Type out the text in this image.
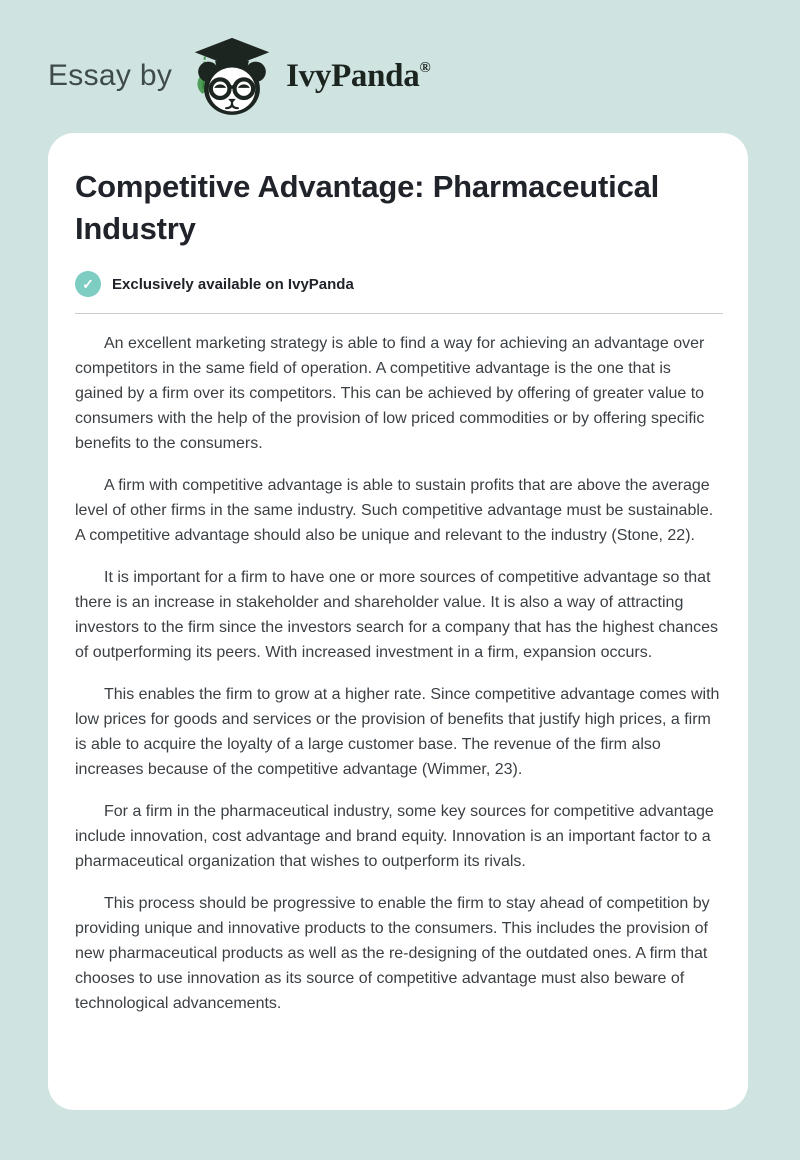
Essay by	IvyPanda®
Competitive Advantage: Pharmaceutical Industry
✓	Exclusively available on IvyPanda

An excellent marketing strategy is able to find a way for achieving an advantage over competitors in the same field of operation. A competitive advantage is the one that is gained by a firm over its competitors. This can be achieved by offering of greater value to consumers with the help of the provision of low priced commodities or by offering specific benefits to the consumers.

A firm with competitive advantage is able to sustain profits that are above the average level of other firms in the same industry. Such competitive advantage must be sustainable. A competitive advantage should also be unique and relevant to the industry (Stone, 22).

It is important for a firm to have one or more sources of competitive advantage so that there is an increase in stakeholder and shareholder value. It is also a way of attracting investors to the firm since the investors search for a company that has the highest chances of outperforming its peers. With increased investment in a firm, expansion occurs.

This enables the firm to grow at a higher rate. Since competitive advantage comes with low prices for goods and services or the provision of benefits that justify high prices, a firm is able to acquire the loyalty of a large customer base. The revenue of the firm also increases because of the competitive advantage (Wimmer, 23).

For a firm in the pharmaceutical industry, some key sources for competitive advantage include innovation, cost advantage and brand equity. Innovation is an important factor to a pharmaceutical organization that wishes to outperform its rivals.

This process should be progressive to enable the firm to stay ahead of competition by providing unique and innovative products to the consumers. This includes the provision of new pharmaceutical products as well as the re-designing of the outdated ones. A firm that chooses to use innovation as its source of competitive advantage must also beware of technological advancements.
